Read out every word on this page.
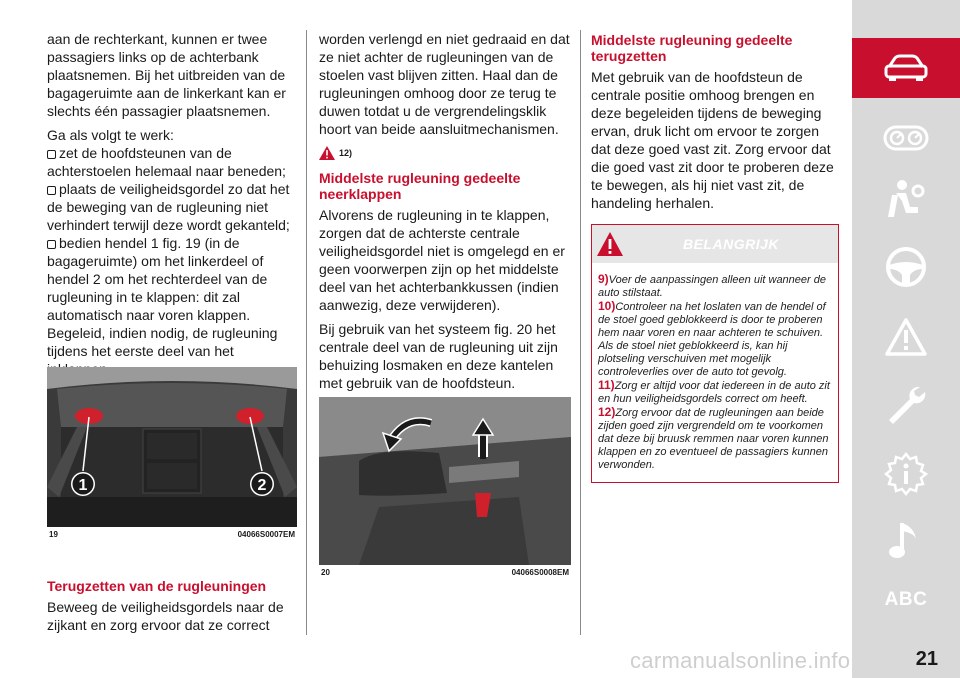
aan de rechterkant, kunnen er twee passagiers links op de achterbank plaatsnemen. Bij het uitbreiden van de bagageruimte aan de linkerkant kan er slechts één passagier plaatsnemen.

Ga als volgt te werk:

zet de hoofdsteunen van de achterstoelen helemaal naar beneden;
plaats de veiligheidsgordel zo dat het de beweging van de rugleuning niet verhindert terwijl deze wordt gekanteld;
bedien hendel 1 fig. 19 (in de bagageruimte) om het linkerdeel of hendel 2 om het rechterdeel van de rugleuning in te klappen: dit zal automatisch naar voren klappen. Begeleid, indien nodig, de rugleuning tijdens het eerste deel van het
1	2
19	04066S0007EM
Terugzetten van de rugleuningen

Beweeg de veiligheidsgordels naar de zijkant en zorg ervoor dat ze correct

worden verlengd en niet gedraaid en dat ze niet achter de rugleuningen van de stoelen vast blijven zitten. Haal dan de rugleuningen omhoog door ze terug te duwen totdat u de vergrendelingsklik hoort van beide aansluitmechanismen.

12)
Middelste rugleuning gedeelte neerklappen

Alvorens de rugleuning in te klappen, zorgen dat de achterste centrale veiligheidsgordel niet is omgelegd en er geen voorwerpen zijn op het middelste deel van het achterbankkussen (indien aanwezig, deze verwijderen).

Bij gebruik van het systeem fig. 20 het centrale deel van de rugleuning uit zijn behuizing losmaken en deze kantelen met gebruik van de hoofdsteun.

20	04066S0008EM
Middelste rugleuning gedeelte terugzetten

Met gebruik van de hoofdsteun de centrale positie omhoog brengen en deze begeleiden tijdens de beweging ervan, druk licht om ervoor te zorgen dat deze goed vast zit. Zorg ervoor dat die goed vast zit door te proberen deze te bewegen, als hij niet vast zit, de handeling herhalen.

BELANGRIJK

9)Voer de aanpassingen alleen uit wanneer de auto stilstaat.

10)Controleer na het loslaten van de hendel of de stoel goed geblokkeerd is door te proberen hem naar voren en naar achteren te schuiven. Als de stoel niet geblokkeerd is, kan hij plotseling verschuiven met mogelijk controleverlies over de auto tot gevolg.

11)Zorg er altijd voor dat iedereen in de auto zit en hun veiligheidsgordels correct om heeft.

12)Zorg ervoor dat de rugleuningen aan beide zijden goed zijn vergrendeld om te voorkomen dat deze bij bruusk remmen naar voren kunnen klappen en zo eventueel de passagiers kunnen verwonden.

ABC
carmanualsonline.info	21
